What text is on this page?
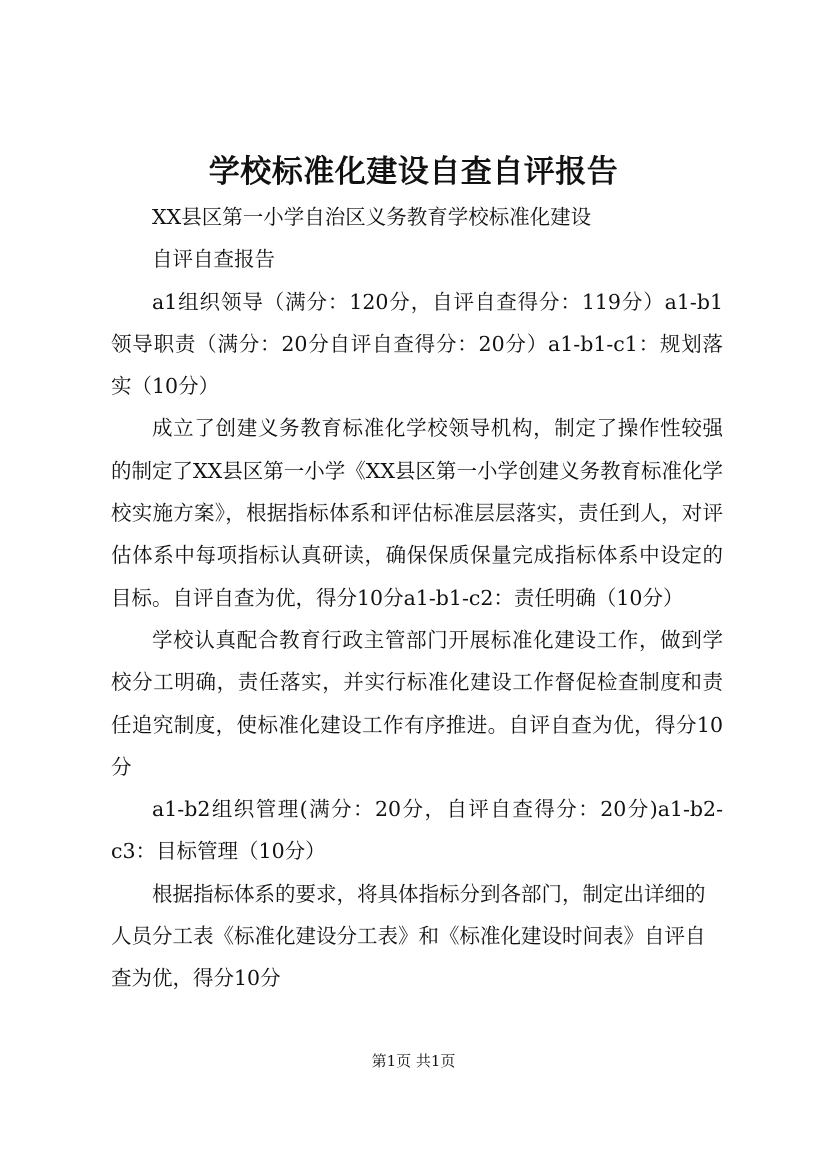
学校标准化建设自查自评报告

XX县区第一小学自治区义务教育学校标准化建设

自评自查报告

a1组织领导（满分：120分，自评自查得分：119分）a1-b1领导职责（满分：20分自评自查得分：20分）a1-b1-c1：规划落实（10分）

成立了创建义务教育标准化学校领导机构，制定了操作性较强的制定了XX县区第一小学《XX县区第一小学创建义务教育标准化学校实施方案》，根据指标体系和评估标准层层落实，责任到人，对评估体系中每项指标认真研读，确保保质保量完成指标体系中设定的目标。自评自查为优，得分10分a1-b1-c2：责任明确（10分）

学校认真配合教育行政主管部门开展标准化建设工作，做到学校分工明确，责任落实，并实行标准化建设工作督促检查制度和责任追究制度，使标准化建设工作有序推进。自评自查为优，得分10分

a1-b2组织管理(满分：20分，自评自查得分：20分)a1-b2-c3：目标管理（10分）

根据指标体系的要求，将具体指标分到各部门，制定出详细的人员分工表《标准化建设分工表》和《标准化建设时间表》自评自查为优，得分10分

第1页 共1页
